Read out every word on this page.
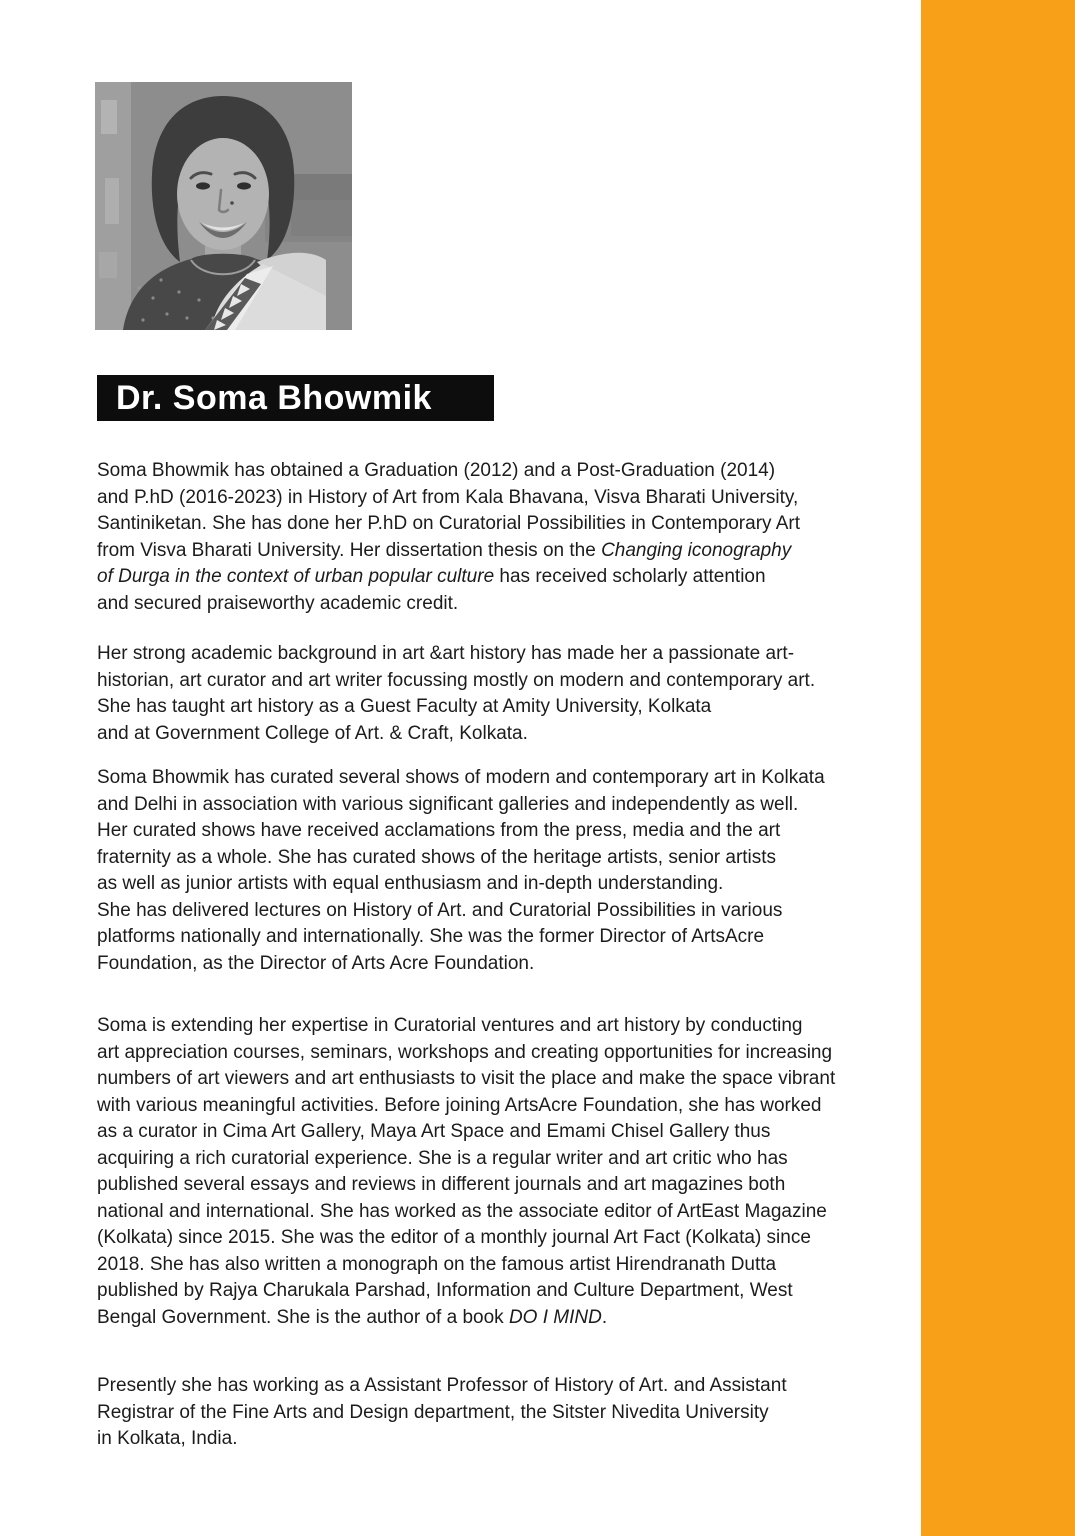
Dr. Soma Bhowmik

Soma Bhowmik has obtained a Graduation (2012) and a Post-Graduation (2014)
and P.hD (2016-2023) in History of Art from Kala Bhavana, Visva Bharati University,
Santiniketan. She has done her P.hD on Curatorial Possibilities in Contemporary Art
from Visva Bharati University. Her dissertation thesis on the Changing iconography
of Durga in the context of urban popular culture has received scholarly attention
and secured praiseworthy academic credit.

Her strong academic background in art &art history has made her a passionate art-
historian, art curator and art writer focussing mostly on modern and contemporary art.
She has taught art history as a Guest Faculty at Amity University, Kolkata
and at Government College of Art. & Craft, Kolkata.

Soma Bhowmik has curated several shows of modern and contemporary art in Kolkata
and Delhi in association with various significant galleries and independently as well.
Her curated shows have received acclamations from the press, media and the art
fraternity as a whole. She has curated shows of the heritage artists, senior artists
as well as junior artists with equal enthusiasm and in-depth understanding.
She has delivered lectures on History of Art. and Curatorial Possibilities in various
platforms nationally and internationally. She was the former Director of ArtsAcre
Foundation, as the Director of Arts Acre Foundation.

Soma is extending her expertise in Curatorial ventures and art history by conducting
art appreciation courses, seminars, workshops and creating opportunities for increasing
numbers of art viewers and art enthusiasts to visit the place and make the space vibrant
with various meaningful activities. Before joining ArtsAcre Foundation, she has worked
as a curator in Cima Art Gallery, Maya Art Space and Emami Chisel Gallery thus
acquiring a rich curatorial experience. She is a regular writer and art critic who has
published several essays and reviews in different journals and art magazines both
national and international. She has worked as the associate editor of ArtEast Magazine
(Kolkata) since 2015. She was the editor of a monthly journal Art Fact (Kolkata) since
2018. She has also written a monograph on the famous artist Hirendranath Dutta
published by Rajya Charukala Parshad, Information and Culture Department, West
Bengal Government. She is the author of a book DO I MIND.

Presently she has working as a Assistant Professor of History of Art. and Assistant
Registrar of the Fine Arts and Design department, the Sitster Nivedita University
in Kolkata, India.
